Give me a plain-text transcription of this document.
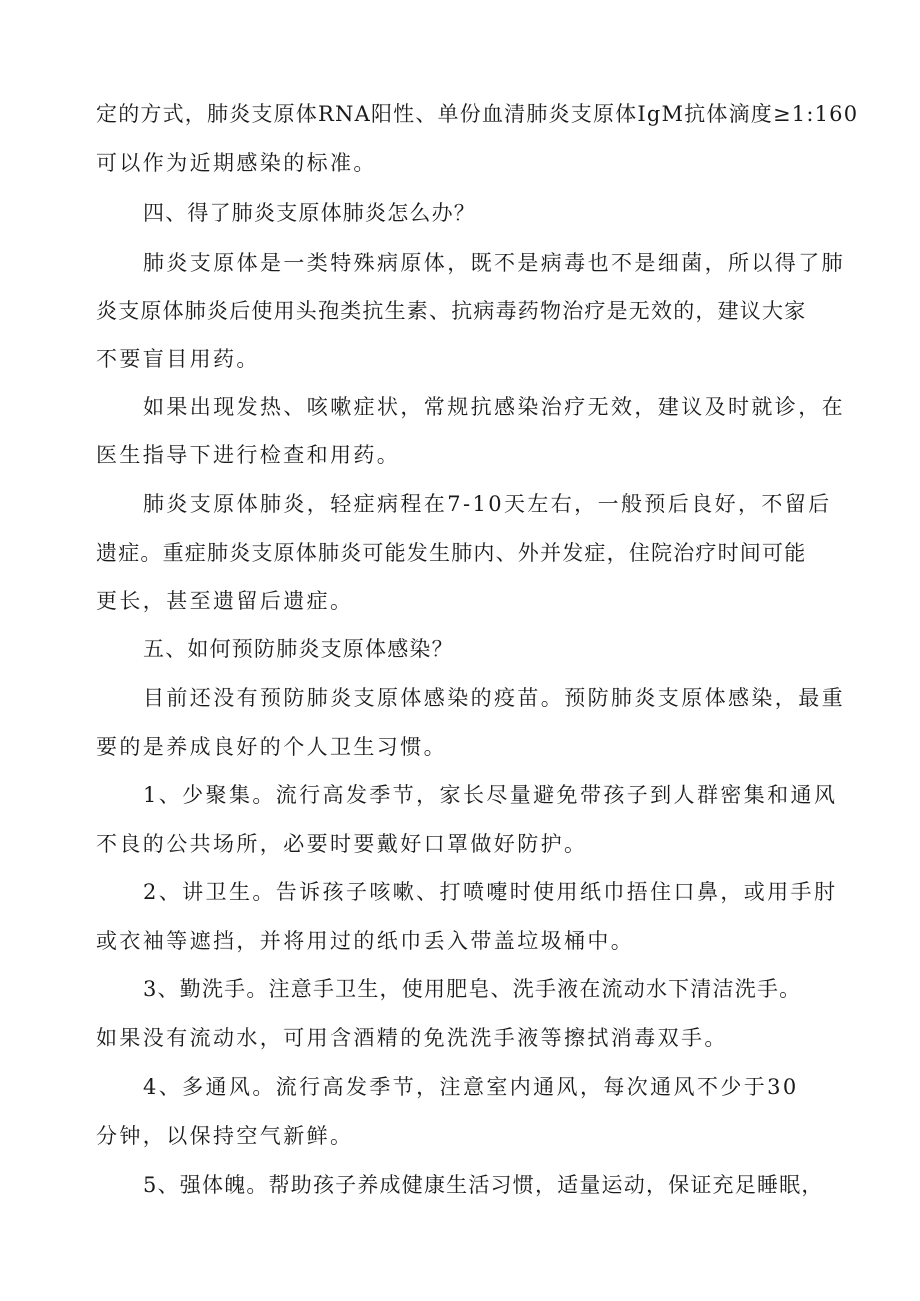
定的方式，肺炎支原体RNA阳性、单份血清肺炎支原体IgM抗体滴度≥1:160
可以作为近期感染的标准。
四、得了肺炎支原体肺炎怎么办？
肺炎支原体是一类特殊病原体，既不是病毒也不是细菌，所以得了肺
炎支原体肺炎后使用头孢类抗生素、抗病毒药物治疗是无效的，建议大家
不要盲目用药。
如果出现发热、咳嗽症状，常规抗感染治疗无效，建议及时就诊，在
医生指导下进行检查和用药。
肺炎支原体肺炎，轻症病程在7-10天左右，一般预后良好，不留后
遗症。重症肺炎支原体肺炎可能发生肺内、外并发症，住院治疗时间可能
更长，甚至遗留后遗症。
五、如何预防肺炎支原体感染？
目前还没有预防肺炎支原体感染的疫苗。预防肺炎支原体感染，最重
要的是养成良好的个人卫生习惯。
1、少聚集。流行高发季节，家长尽量避免带孩子到人群密集和通风
不良的公共场所，必要时要戴好口罩做好防护。
2、讲卫生。告诉孩子咳嗽、打喷嚏时使用纸巾捂住口鼻，或用手肘
或衣袖等遮挡，并将用过的纸巾丢入带盖垃圾桶中。
3、勤洗手。注意手卫生，使用肥皂、洗手液在流动水下清洁洗手。
如果没有流动水，可用含酒精的免洗洗手液等擦拭消毒双手。
4、多通风。流行高发季节，注意室内通风，每次通风不少于30
分钟，以保持空气新鲜。
5、强体魄。帮助孩子养成健康生活习惯，适量运动，保证充足睡眠，
